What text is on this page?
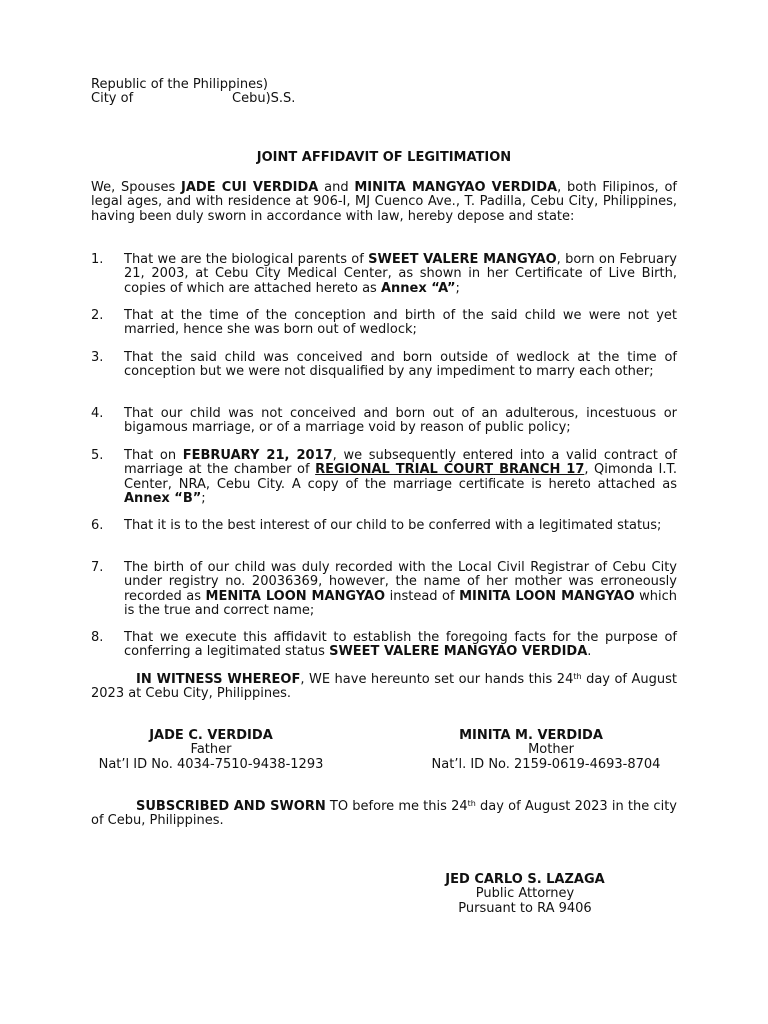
Republic of the Philippines)
City of	Cebu)S.S.
JOINT AFFIDAVIT OF LEGITIMATION
We, Spouses JADE CUI VERDIDA and MINITA MANGYAO VERDIDA, both Filipinos, of legal ages, and with residence at 906-I, MJ Cuenco Ave., T. Padilla, Cebu City, Philippines, having been duly sworn in accordance with law, hereby depose and state:
1.	That we are the biological parents of SWEET VALERE MANGYAO, born on February 21, 2003, at Cebu City Medical Center, as shown in her Certificate of Live Birth, copies of which are attached hereto as Annex “A”;
2.	That at the time of the conception and birth of the said child we were not yet married, hence she was born out of wedlock;
3.	That the said child was conceived and born outside of wedlock at the time of conception but we were not disqualified by any impediment to marry each other;
4.	That our child was not conceived and born out of an adulterous, incestuous or bigamous marriage, or of a marriage void by reason of public policy;
5.	That on FEBRUARY 21, 2017, we subsequently entered into a valid contract of marriage at the chamber of REGIONAL TRIAL COURT BRANCH 17, Qimonda I.T. Center, NRA, Cebu City. A copy of the marriage certificate is hereto attached as Annex “B”;
6.	That it is to the best interest of our child to be conferred with a legitimated status;
7.	The birth of our child was duly recorded with the Local Civil Registrar of Cebu City under registry no. 20036369, however, the name of her mother was erroneously recorded as MENITA LOON MANGYAO instead of MINITA LOON MANGYAO which is the true and correct name;
8.	That we execute this affidavit to establish the foregoing facts for the purpose of conferring a legitimated status SWEET VALERE MANGYAO VERDIDA.
IN WITNESS WHEREOF, WE have hereunto set our hands this 24th day of August 2023 at Cebu City, Philippines.
JADE C. VERDIDA
Father
Nat’l ID No. 4034-7510-9438-1293
MINITA M. VERDIDA
Mother
Nat’l. ID No. 2159-0619-4693-8704
SUBSCRIBED AND SWORN TO before me this 24th day of August 2023 in the city of Cebu, Philippines.
JED CARLO S. LAZAGA
Public Attorney
Pursuant to RA 9406
